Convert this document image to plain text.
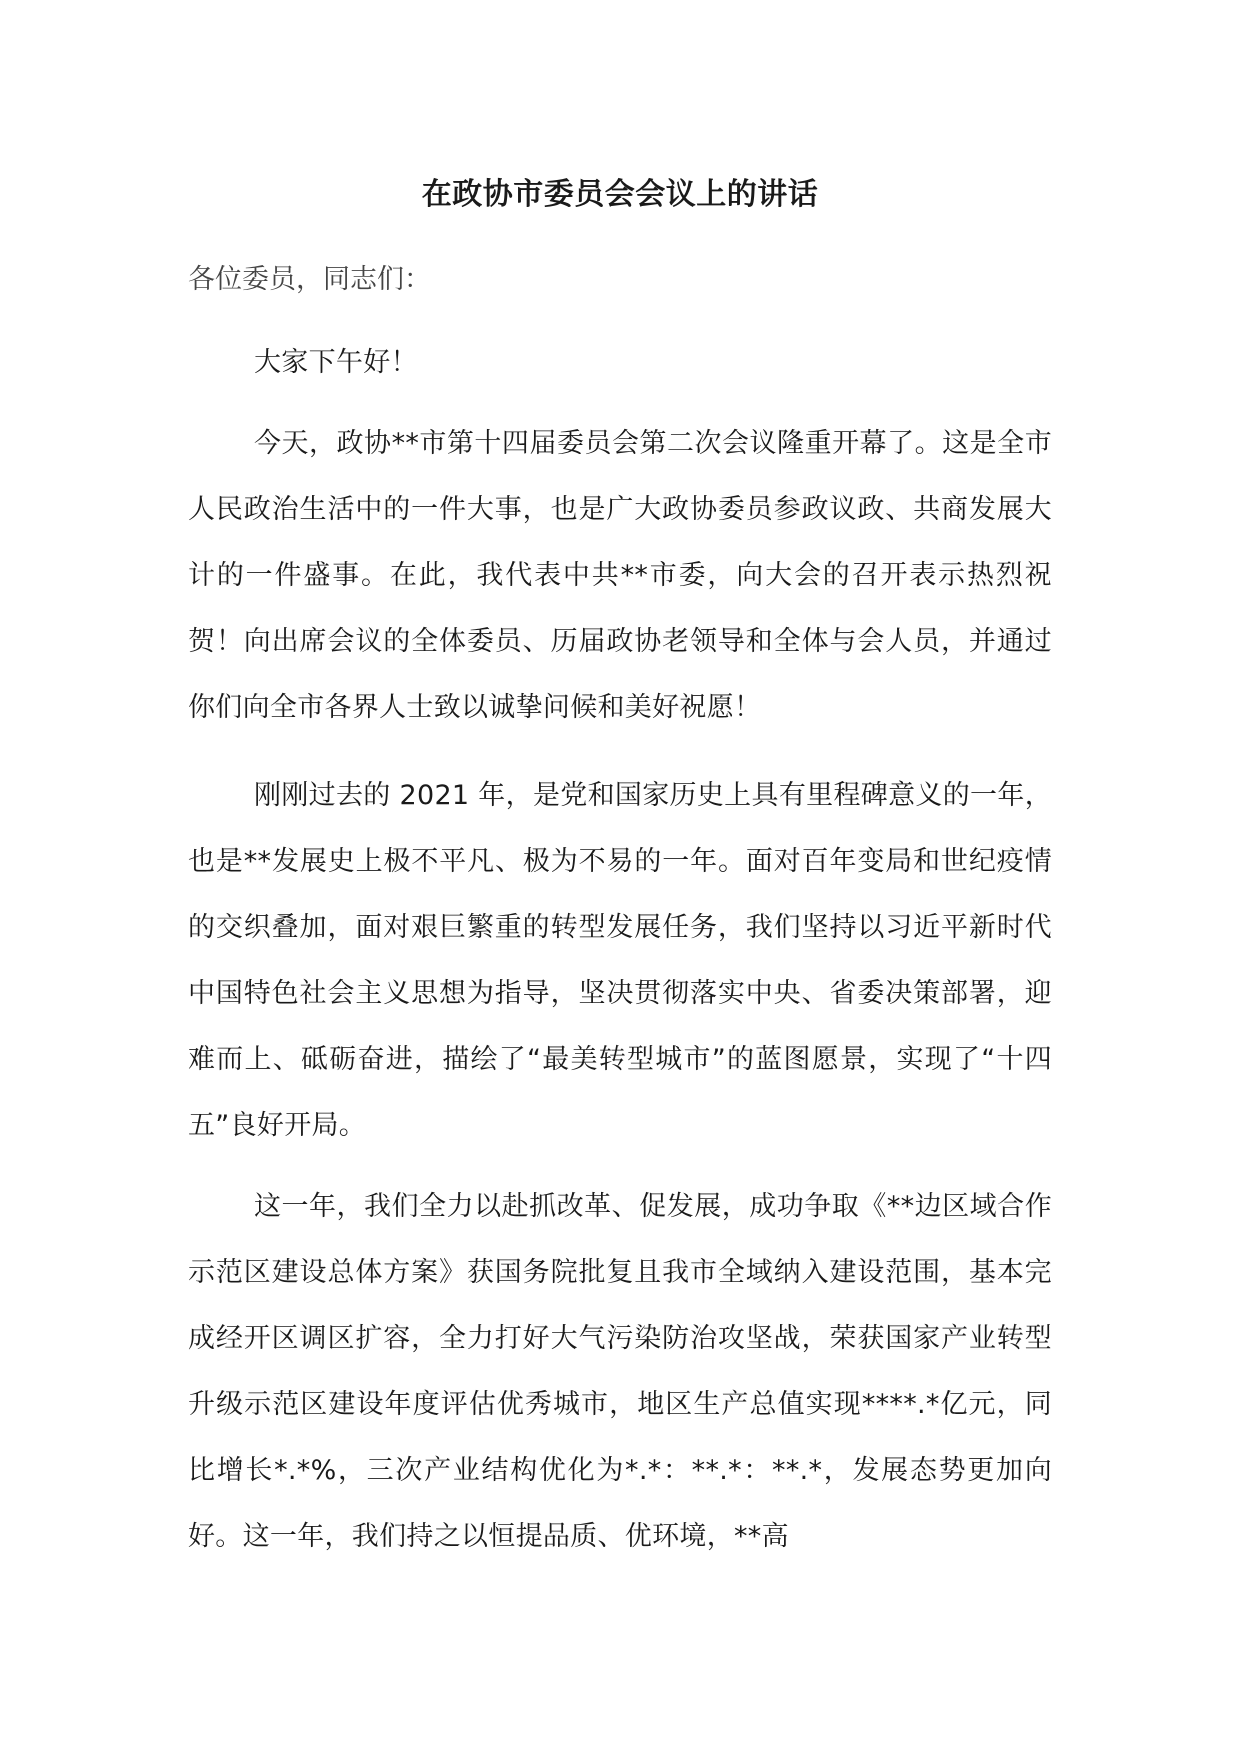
在政协市委员会会议上的讲话
各位委员，同志们：
大家下午好！
今天，政协**市第十四届委员会第二次会议隆重开幕了。这是全市人民政治生活中的一件大事，也是广大政协委员参政议政、共商发展大计的一件盛事。在此，我代表中共**市委，向大会的召开表示热烈祝贺！向出席会议的全体委员、历届政协老领导和全体与会人员，并通过你们向全市各界人士致以诚挚问候和美好祝愿！
刚刚过去的 2021 年，是党和国家历史上具有里程碑意义的一年，也是**发展史上极不平凡、极为不易的一年。面对百年变局和世纪疫情的交织叠加，面对艰巨繁重的转型发展任务，我们坚持以习近平新时代中国特色社会主义思想为指导，坚决贯彻落实中央、省委决策部署，迎难而上、砥砺奋进，描绘了“最美转型城市”的蓝图愿景，实现了“十四五”良好开局。
这一年，我们全力以赴抓改革、促发展，成功争取《**边区域合作示范区建设总体方案》获国务院批复且我市全域纳入建设范围，基本完成经开区调区扩容，全力打好大气污染防治攻坚战，荣获国家产业转型升级示范区建设年度评估优秀城市，地区生产总值实现****.*亿元，同比增长*.*%，三次产业结构优化为*.*：**.*：**.*，发展态势更加向好。这一年，我们持之以恒提品质、优环境，**高
